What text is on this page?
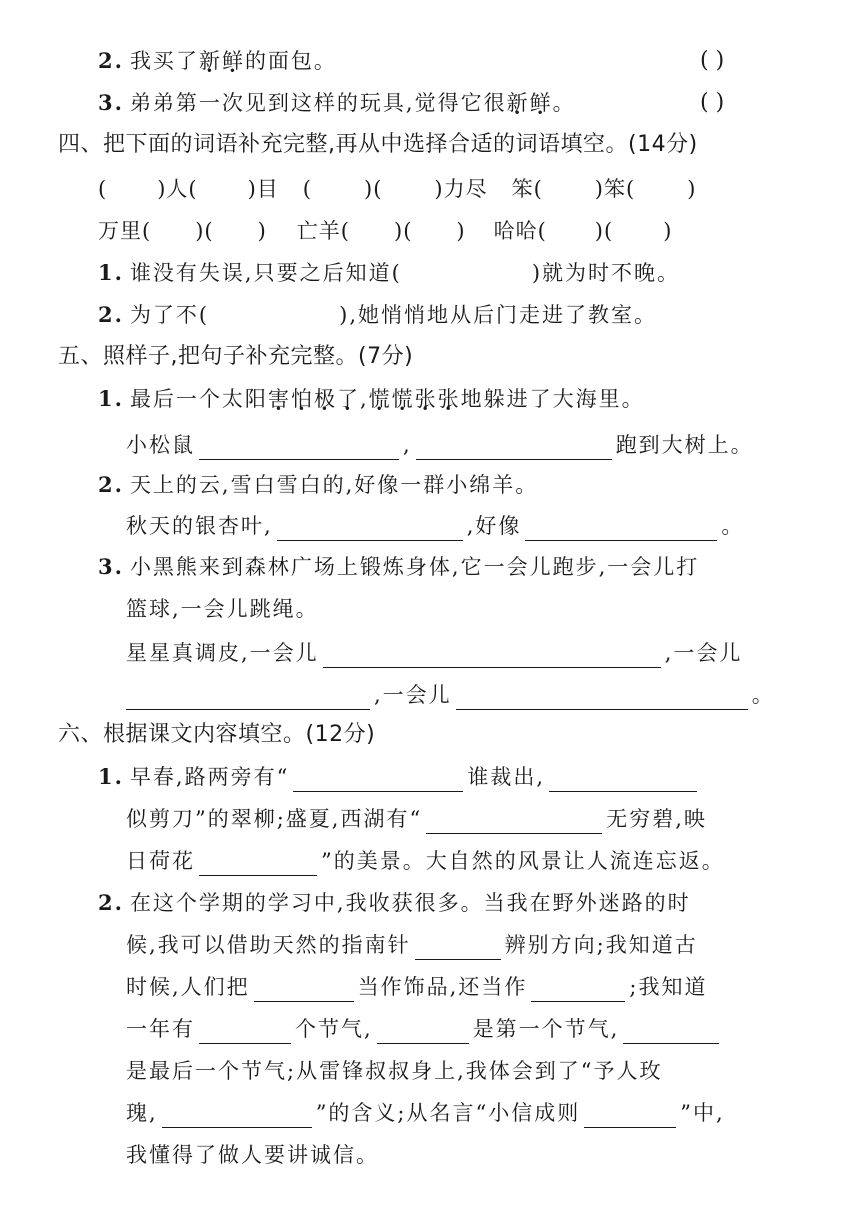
2. 我买了新鲜的面包。	( )
3. 弟弟第一次见到这样的玩具,觉得它很新鲜。	( )
四、把下面的词语补充完整,再从中选择合适的词语填空。(14分)
( )人( )目 ( )( )力尽 笨( )笨( )
万里( )( ) 亡羊( )( ) 哈哈( )( )
1. 谁没有失误,只要之后知道(	)就为时不晚。
2. 为了不(	),她悄悄地从后门走进了教室。
五、照样子,把句子补充完整。(7分)
1. 最后一个太阳害怕极了,慌慌张张地躲进了大海里。
小松鼠	,	跑到大树上。
2. 天上的云,雪白雪白的,好像一群小绵羊。
秋天的银杏叶,	,好像	。
3. 小黑熊来到森林广场上锻炼身体,它一会儿跑步,一会儿打
篮球,一会儿跳绳。
星星真调皮,一会儿	,一会儿
,一会儿	。
六、根据课文内容填空。(12分)
1. 早春,路两旁有“	谁裁出,
似剪刀”的翠柳;盛夏,西湖有“	无穷碧,映
日荷花	”的美景。大自然的风景让人流连忘返。
2. 在这个学期的学习中,我收获很多。当我在野外迷路的时
候,我可以借助天然的指南针	辨别方向;我知道古
时候,人们把	当作饰品,还当作	;我知道
一年有	个节气,	是第一个节气,
是最后一个节气;从雷锋叔叔身上,我体会到了“予人玫
瑰,	”的含义;从名言“小信成则	”中,
我懂得了做人要讲诚信。
